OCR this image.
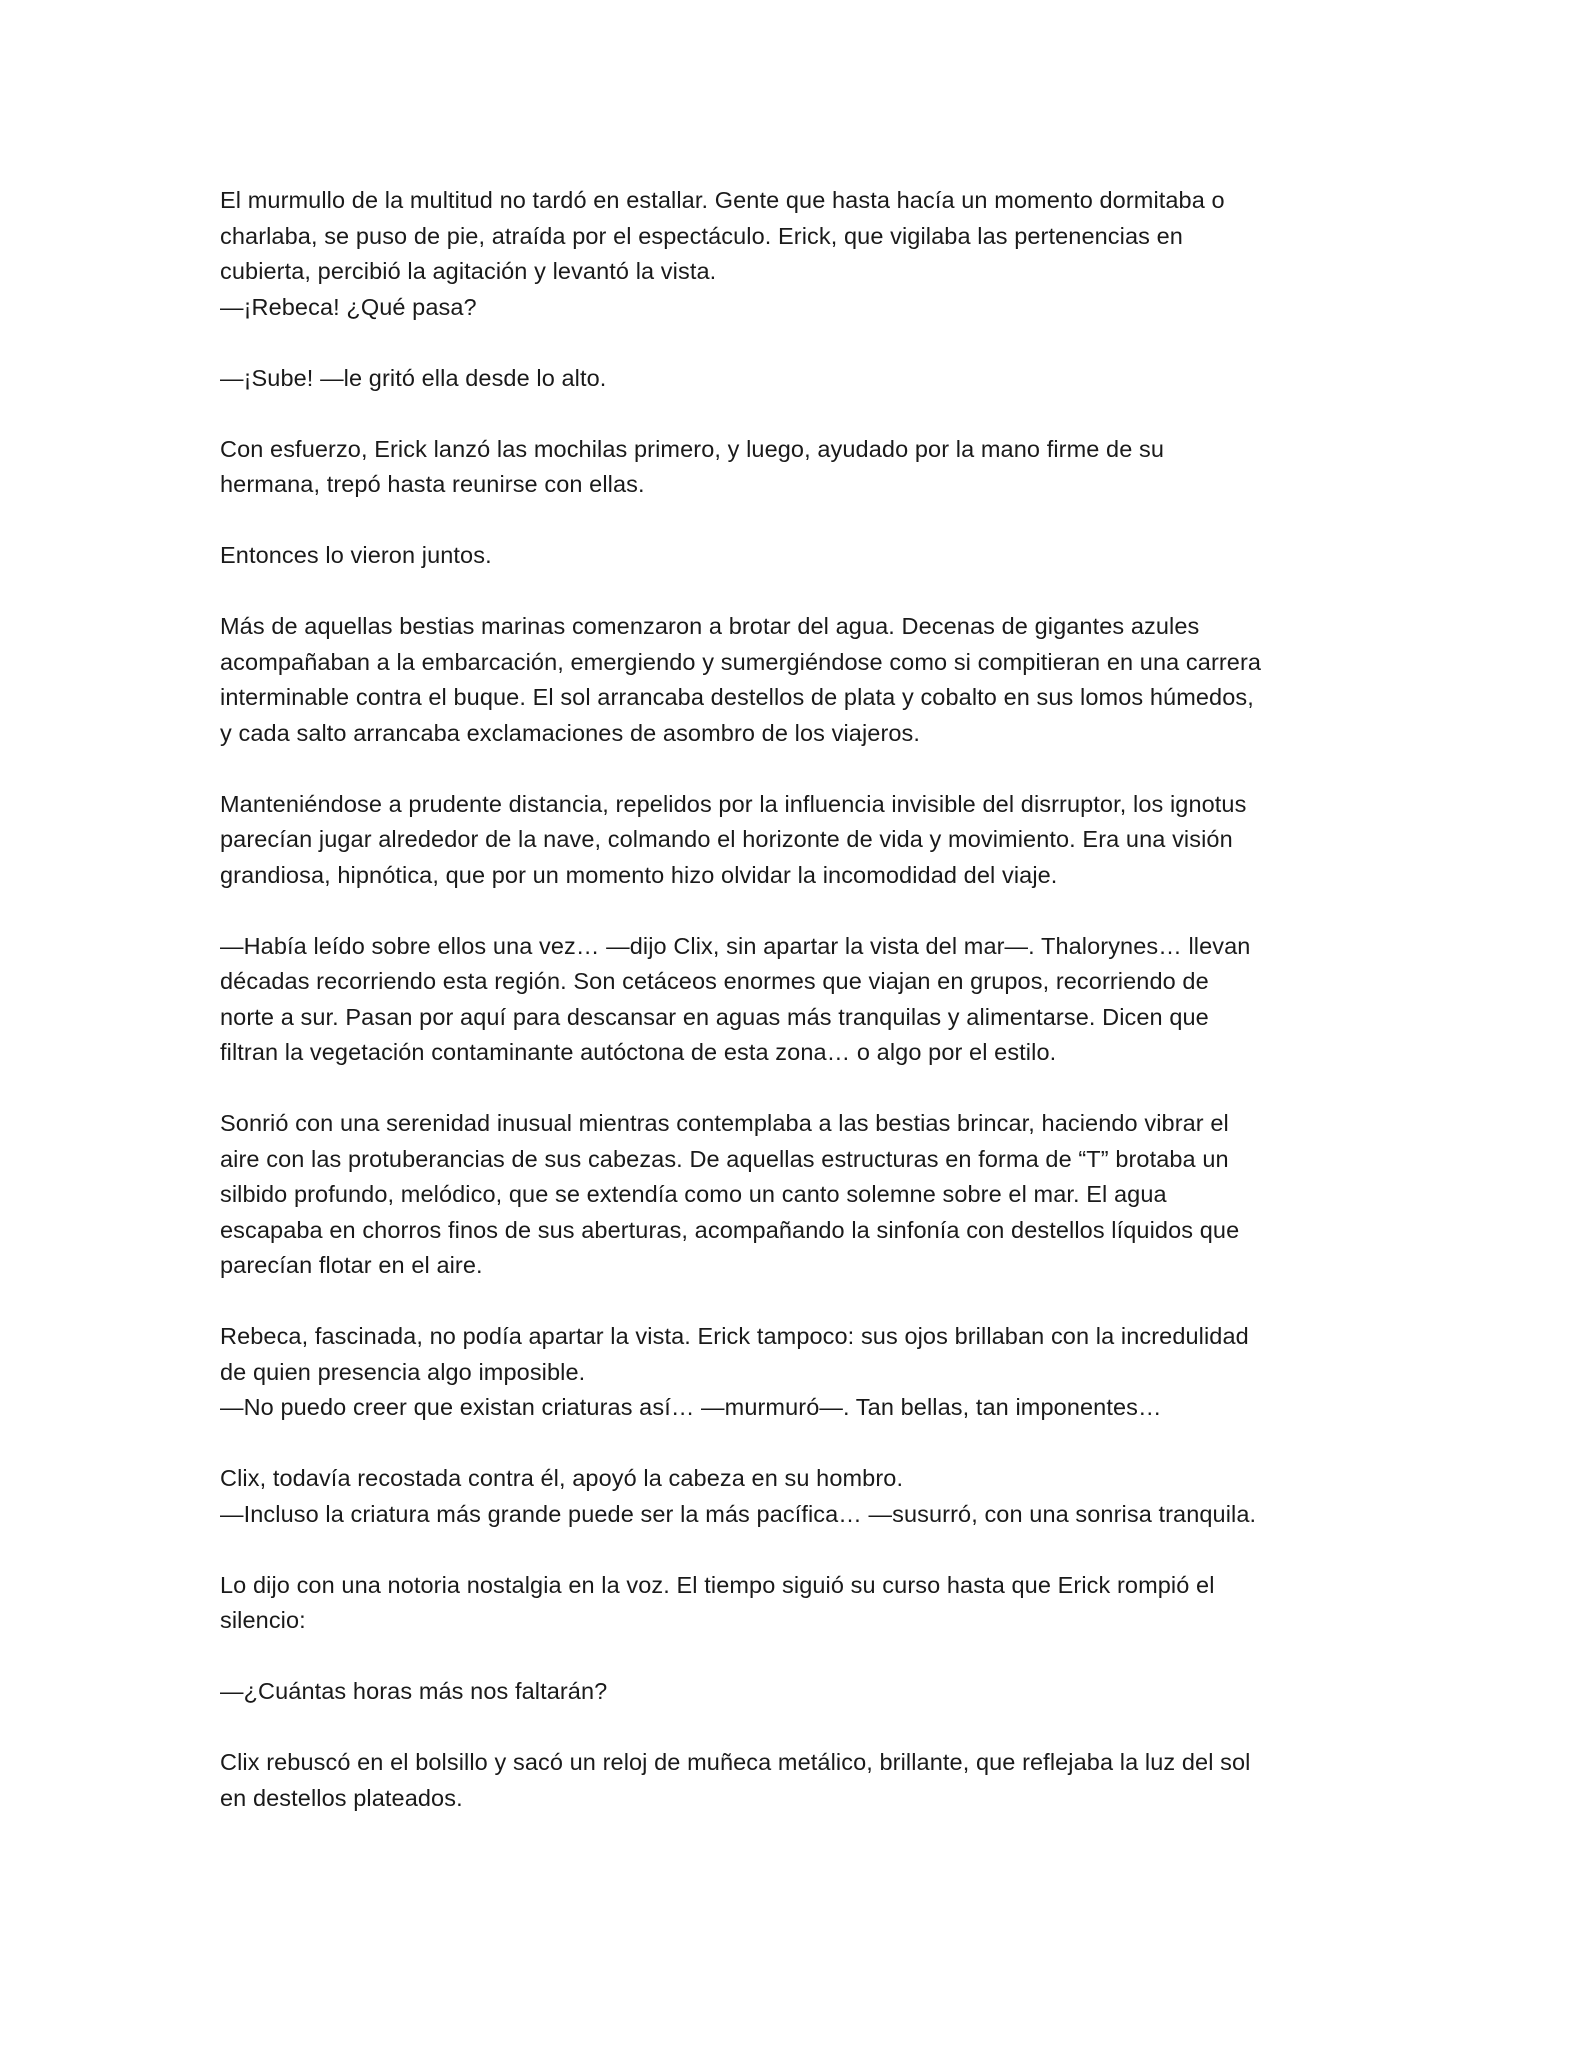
El murmullo de la multitud no tardó en estallar. Gente que hasta hacía un momento dormitaba o
charlaba, se puso de pie, atraída por el espectáculo. Erick, que vigilaba las pertenencias en
cubierta, percibió la agitación y levantó la vista.
—¡Rebeca! ¿Qué pasa?
—¡Sube! —le gritó ella desde lo alto.
Con esfuerzo, Erick lanzó las mochilas primero, y luego, ayudado por la mano firme de su
hermana, trepó hasta reunirse con ellas.
Entonces lo vieron juntos.
Más de aquellas bestias marinas comenzaron a brotar del agua. Decenas de gigantes azules
acompañaban a la embarcación, emergiendo y sumergiéndose como si compitieran en una carrera
interminable contra el buque. El sol arrancaba destellos de plata y cobalto en sus lomos húmedos,
y cada salto arrancaba exclamaciones de asombro de los viajeros.
Manteniéndose a prudente distancia, repelidos por la influencia invisible del disrruptor, los ignotus
parecían jugar alrededor de la nave, colmando el horizonte de vida y movimiento. Era una visión
grandiosa, hipnótica, que por un momento hizo olvidar la incomodidad del viaje.
—Había leído sobre ellos una vez… —dijo Clix, sin apartar la vista del mar—. Thalorynes… llevan
décadas recorriendo esta región. Son cetáceos enormes que viajan en grupos, recorriendo de
norte a sur. Pasan por aquí para descansar en aguas más tranquilas y alimentarse. Dicen que
filtran la vegetación contaminante autóctona de esta zona… o algo por el estilo.
Sonrió con una serenidad inusual mientras contemplaba a las bestias brincar, haciendo vibrar el
aire con las protuberancias de sus cabezas. De aquellas estructuras en forma de “T” brotaba un
silbido profundo, melódico, que se extendía como un canto solemne sobre el mar. El agua
escapaba en chorros finos de sus aberturas, acompañando la sinfonía con destellos líquidos que
parecían flotar en el aire.
Rebeca, fascinada, no podía apartar la vista. Erick tampoco: sus ojos brillaban con la incredulidad
de quien presencia algo imposible.
—No puedo creer que existan criaturas así… —murmuró—. Tan bellas, tan imponentes…
Clix, todavía recostada contra él, apoyó la cabeza en su hombro.
—Incluso la criatura más grande puede ser la más pacífica… —susurró, con una sonrisa tranquila.
Lo dijo con una notoria nostalgia en la voz. El tiempo siguió su curso hasta que Erick rompió el
silencio:
—¿Cuántas horas más nos faltarán?
Clix rebuscó en el bolsillo y sacó un reloj de muñeca metálico, brillante, que reflejaba la luz del sol
en destellos plateados.
